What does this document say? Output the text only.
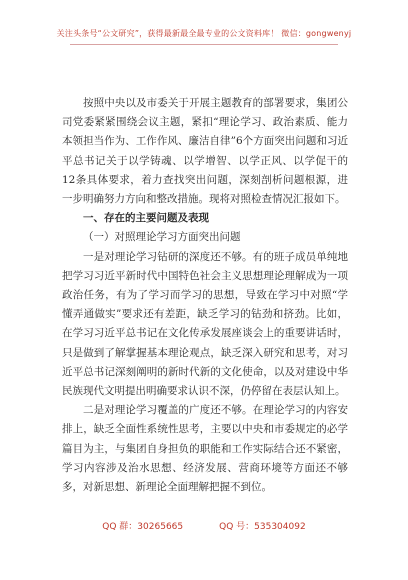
关注头条号“公文研究”，获得最新最全最专业的公文资料库！ 微信：gongwenyj

按照中央以及市委关于开展主题教育的部署要求，集团公司党委紧紧围绕会议主题，紧扣“理论学习、政治素质、能力本领担当作为、工作作风、廉洁自律”6个方面突出问题和习近平总书记关于以学铸魂、以学增智、以学正风、以学促干的12条具体要求，着力查找突出问题，深刻剖析问题根源，进一步明确努力方向和整改措施。现将对照检查情况汇报如下。

一、存在的主要问题及表现

（一）对照理论学习方面突出问题

一是对理论学习钻研的深度还不够。有的班子成员单纯地把学习习近平新时代中国特色社会主义思想理论理解成为一项政治任务，有为了学习而学习的思想，导致在学习中对照“学懂弄通做实”要求还有差距，缺乏学习的钻劲和挤劲。比如，在学习习近平总书记在文化传承发展座谈会上的重要讲话时，只是做到了解掌握基本理论观点，缺乏深入研究和思考，对习近平总书记深刻阐明的新时代新的文化使命，以及对建设中华民族现代文明提出明确要求认识不深，仍停留在表层认知上。

二是对理论学习覆盖的广度还不够。在理论学习的内容安排上，缺乏全面性系统性思考，主要以中央和市委规定的必学篇目为主，与集团自身担负的职能和工作实际结合还不紧密，学习内容涉及治水思想、经济发展、营商环境等方面还不够多，对新思想、新理论全面理解把握不到位。

QQ 群：30265665	QQ 号：535304092
